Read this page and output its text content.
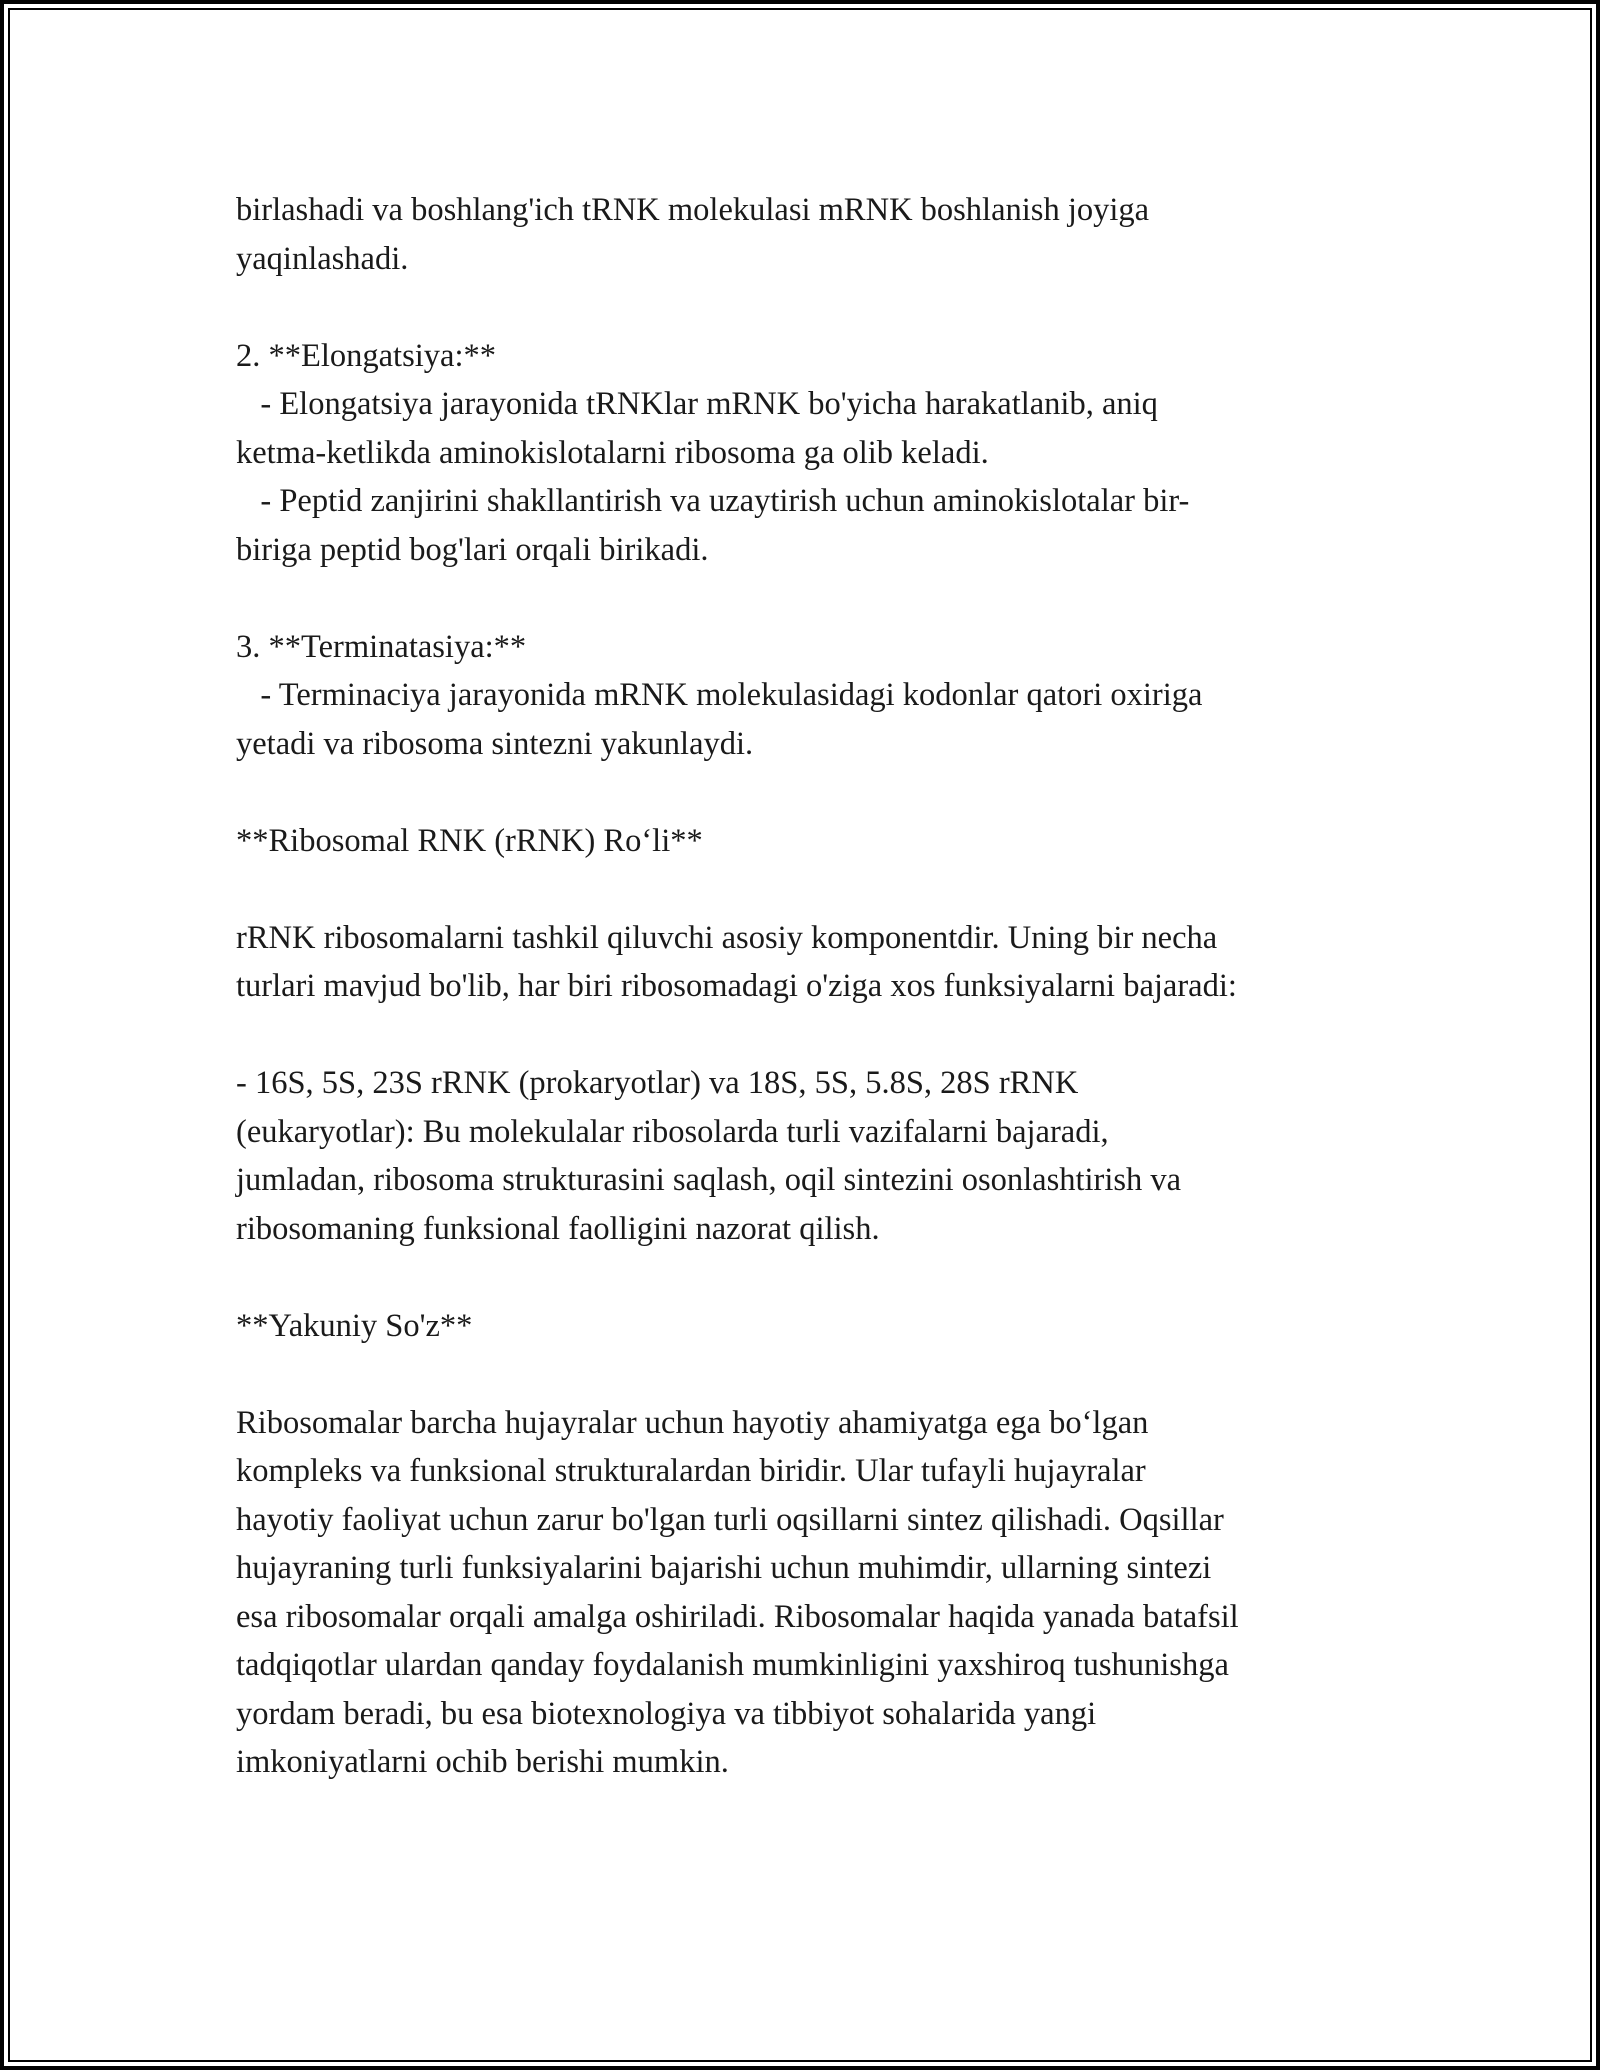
birlashadi va boshlang'ich tRNK molekulasi mRNK boshlanish joyiga
yaqinlashadi.

2. **Elongatsiya:**
- Elongatsiya jarayonida tRNKlar mRNK bo'yicha harakatlanib, aniq
ketma-ketlikda aminokislotalarni ribosoma ga olib keladi.
- Peptid zanjirini shakllantirish va uzaytirish uchun aminokislotalar bir-
biriga peptid bog'lari orqali birikadi.

3. **Terminatasiya:**
- Terminaciya jarayonida mRNK molekulasidagi kodonlar qatori oxiriga
yetadi va ribosoma sintezni yakunlaydi.

**Ribosomal RNK (rRNK) Ro‘li**

rRNK ribosomalarni tashkil qiluvchi asosiy komponentdir. Uning bir necha
turlari mavjud bo'lib, har biri ribosomadagi o'ziga xos funksiyalarni bajaradi:

- 16S, 5S, 23S rRNK (prokaryotlar) va 18S, 5S, 5.8S, 28S rRNK
(eukaryotlar): Bu molekulalar ribosolarda turli vazifalarni bajaradi,
jumladan, ribosoma strukturasini saqlash, oqil sintezini osonlashtirish va
ribosomaning funksional faolligini nazorat qilish.

**Yakuniy So'z**

Ribosomalar barcha hujayralar uchun hayotiy ahamiyatga ega bo‘lgan
kompleks va funksional strukturalardan biridir. Ular tufayli hujayralar
hayotiy faoliyat uchun zarur bo'lgan turli oqsillarni sintez qilishadi. Oqsillar
hujayraning turli funksiyalarini bajarishi uchun muhimdir, ullarning sintezi
esa ribosomalar orqali amalga oshiriladi. Ribosomalar haqida yanada batafsil
tadqiqotlar ulardan qanday foydalanish mumkinligini yaxshiroq tushunishga
yordam beradi, bu esa biotexnologiya va tibbiyot sohalarida yangi
imkoniyatlarni ochib berishi mumkin.
